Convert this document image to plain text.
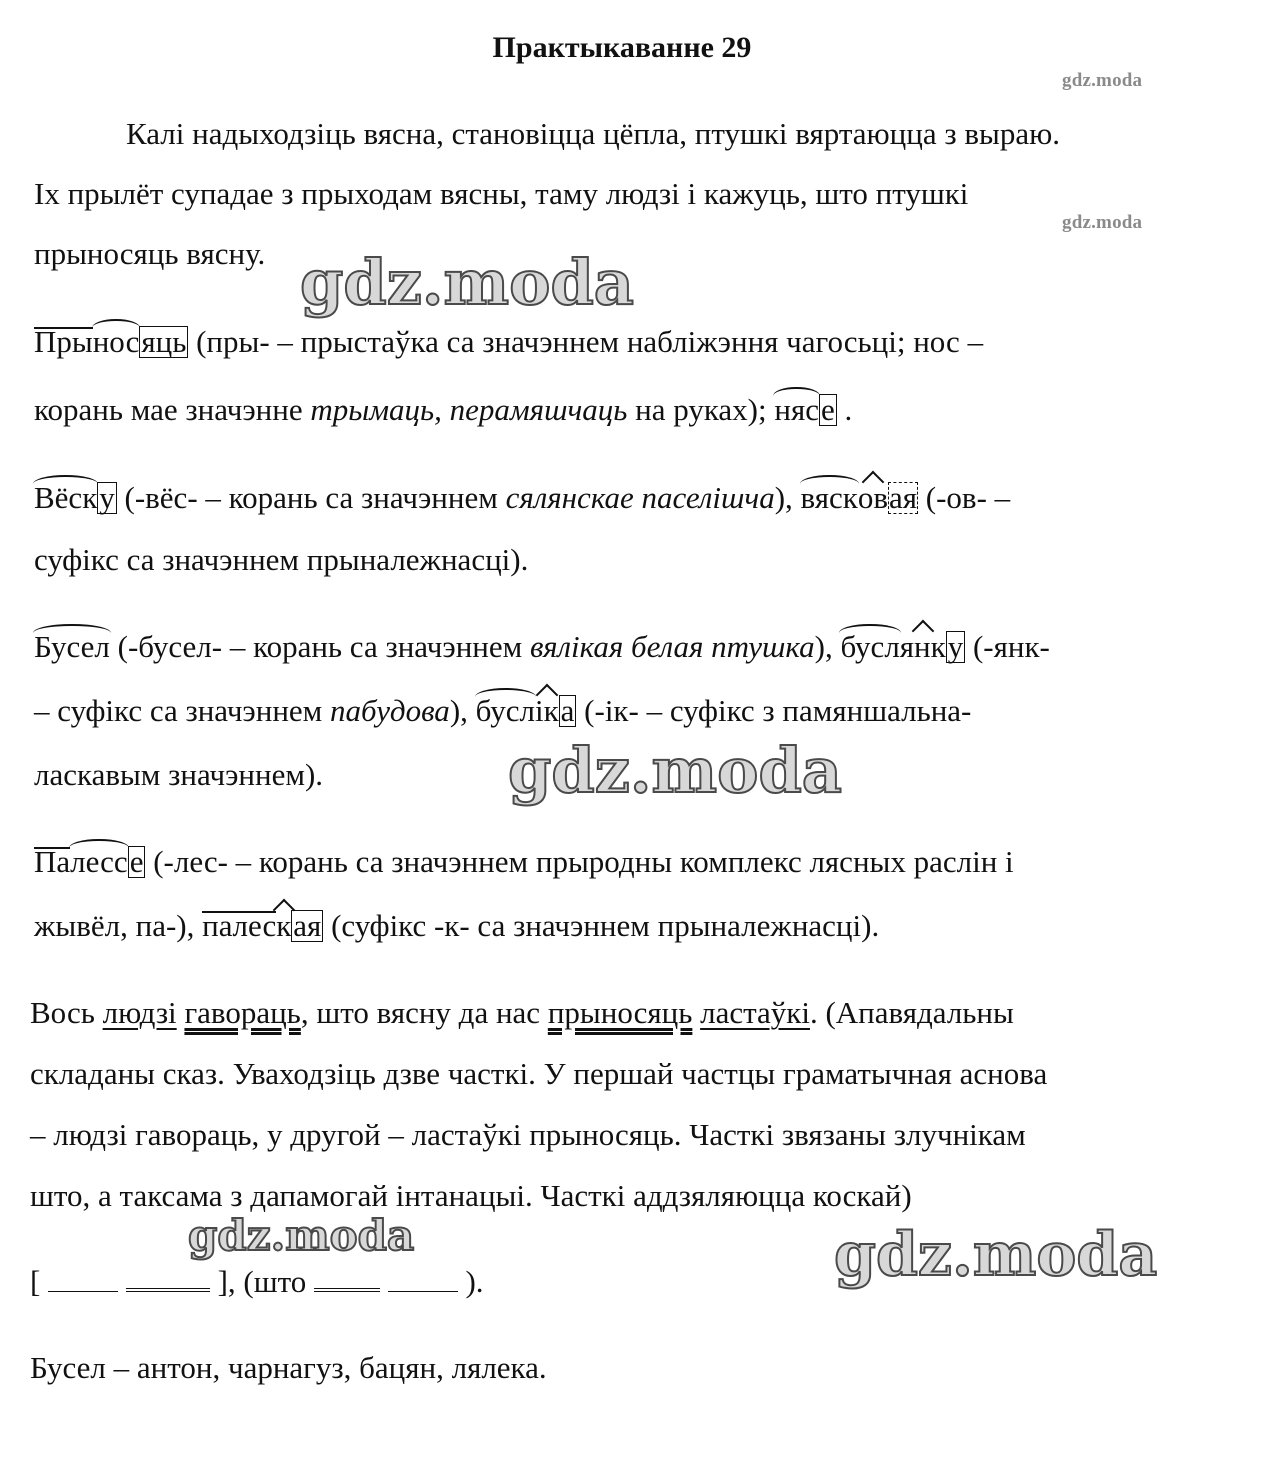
gdz.moda
gdz.moda
gdz.moda
gdz.moda
gdz.moda	gdz.moda
Практыкаванне 29
Калі надыходзіць вясна, становіцца цёпла, птушкі вяртаюцца з выраю.
Іх прылёт супадае з прыходам вясны, таму людзі і кажуць, што птушкі
прыносяць вясну.
Прыносяць (пры- – прыстаўка са значэннем набліжэння чагосьці; нос –
корань мае значэнне трымаць, перамяшчаць на руках); нясе .
Вёску (-вёс- – корань са значэннем сялянскае паселішча), вясковая (-ов- –
суфікс са значэннем прыналежнасці).
Бусел (-бусел- – корань са значэннем вялікая белая птушка), буслянку (-янк-
– суфікс са значэннем пабудова), бусліка (-ік- – суфікс з памяншальна-
ласкавым значэннем).
Палессе (-лес- – корань са значэннем прыродны комплекс лясных раслін і
жывёл, па-), палеская (суфікс -к- са значэннем прыналежнасці).
Вось людзі гавораць, што вясну да нас прыносяць ластаўкі. (Апавядальны
складаны сказ. Уваходзіць дзве часткі. У першай частцы граматычная аснова
– людзі гавораць, у другой – ластаўкі прыносяць. Часткі звязаны злучнікам
што, а таксама з дапамогай інтанацыі. Часткі аддзяляюцца коскай)
[	], (што	).
Бусел – антон, чарнагуз, бацян, лялека.
